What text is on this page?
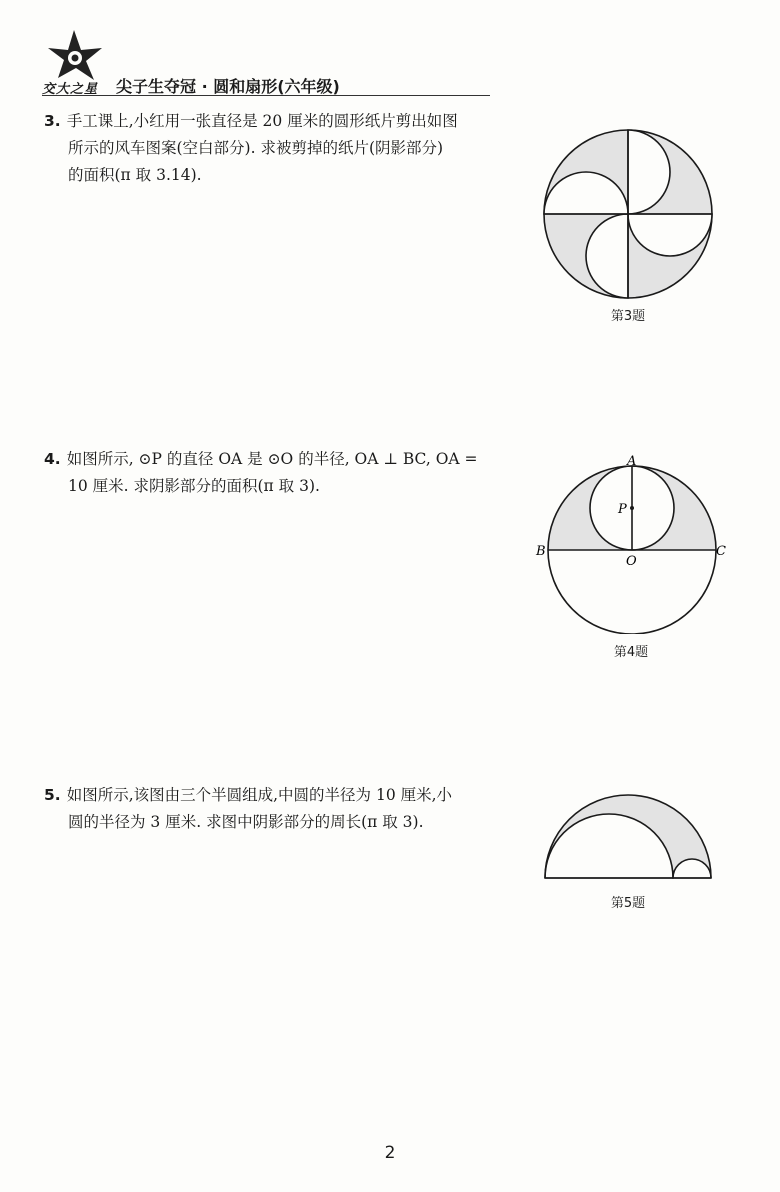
交大之星 尖子生夺冠 · 圆和扇形(六年级)
3. 手工课上,小红用一张直径是 20 厘米的圆形纸片剪出如图
所示的风车图案(空白部分). 求被剪掉的纸片(阴影部分)
的面积(π 取 3.14).
第3题
4. 如图所示, ⊙P 的直径 OA 是 ⊙O 的半径, OA ⊥ BC, OA =
10 厘米. 求阴影部分的面积(π 取 3).
A
P
B
O
C
第4题
5. 如图所示,该图由三个半圆组成,中圆的半径为 10 厘米,小
圆的半径为 3 厘米. 求图中阴影部分的周长(π 取 3).
第5题
2
